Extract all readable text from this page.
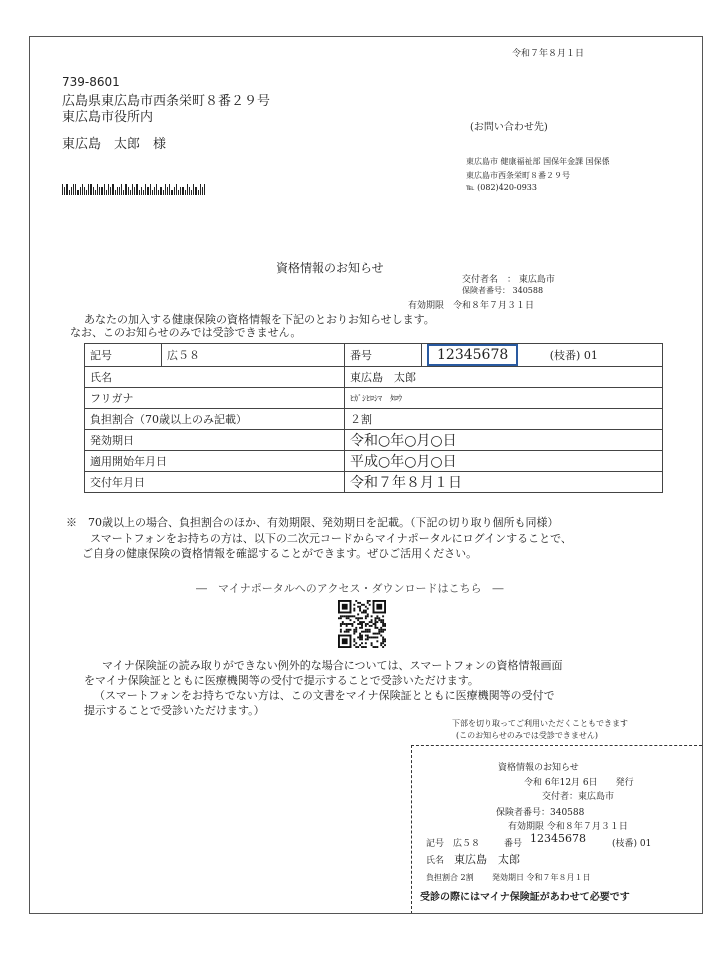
令和７年８月１日
739-8601
広島県東広島市西条栄町８番２９号
東広島市役所内
東広島　太郎　様
(お問い合わせ先)
東広島市 健康福祉部 国保年金課 国保係
東広島市西条栄町８番２９号
℡ (082)420-0933
資格情報のお知らせ
交付者名　： 東広島市
保険者番号： 340588
有効期限　令和８年７月３１日
あなたの加入する健康保険の資格情報を下記のとおりお知らせします。
なお、このお知らせのみでは受診できません。
記号	広５８	番号	12345678 (枝番) 01
氏名		東広島　太郎	
フリガナ		ﾋｶﾞｼﾋﾛｼﾏ　ﾀﾛｳ	
負担割合（70歳以上のみ記載）		２割	
発効期日		令和○年○月○日	
適用開始年月日		平成○年○月○日	
交付年月日		令和７年８月１日	
※　70歳以上の場合、負担割合のほか、有効期限、発効期日を記載。（下記の切り取り個所も同様）
スマートフォンをお持ちの方は、以下の二次元コードからマイナポータルにログインすることで、
ご自身の健康保険の資格情報を確認することができます。ぜひご活用ください。
―　マイナポータルへのアクセス・ダウンロードはこちら　―
マイナ保険証の読み取りができない例外的な場合については、スマートフォンの資格情報画面
をマイナ保険証とともに医療機関等の受付で提示することで受診いただけます。
（スマートフォンをお持ちでない方は、この文書をマイナ保険証とともに医療機関等の受付で
提示することで受診いただけます。）
下部を切り取ってご利用いただくこともできます
(このお知らせのみでは受診できません)
資格情報のお知らせ
令和 6年12月 6日　　発行
交付者：東広島市
保険者番号：340588
有効期限 令和８年７月３１日
記号　広５８	番号 12345678	(枝番) 01
氏名 東広島　太郎
負担割合 2割 発効期日 令和７年８月１日
受診の際にはマイナ保険証があわせて必要です
